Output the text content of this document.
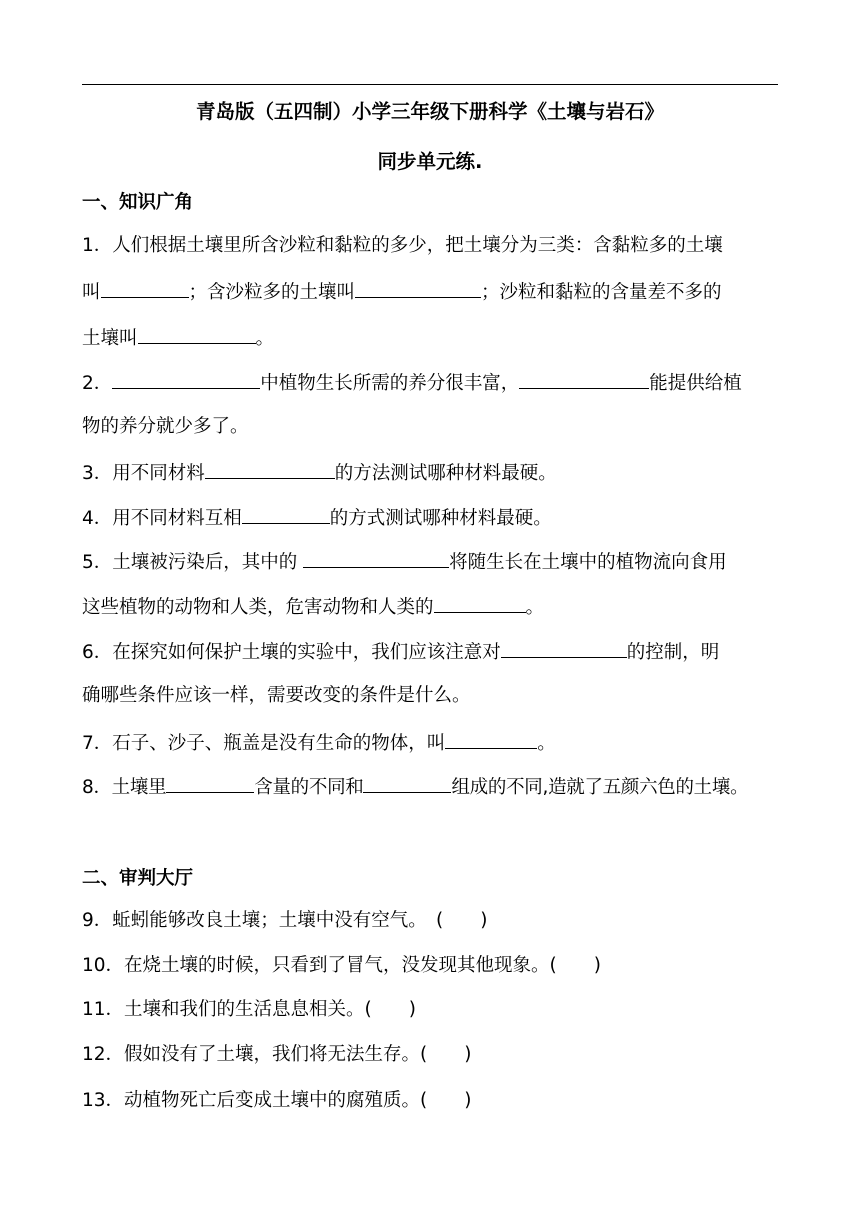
青岛版（五四制）小学三年级下册科学《土壤与岩石》
同步单元练.
一、知识广角
1．人们根据土壤里所含沙粒和黏粒的多少，把土壤分为三类：含黏粒多的土壤
叫	；含沙粒多的土壤叫	；沙粒和黏粒的含量差不多的
土壤叫	。
2．	中植物生长所需的养分很丰富，	能提供给植
物的养分就少多了。
3．用不同材料	的方法测试哪种材料最硬。
4．用不同材料互相	的方式测试哪种材料最硬。
5．土壤被污染后，其中的	将随生长在土壤中的植物流向食用
这些植物的动物和人类，危害动物和人类的	。
6．在探究如何保护土壤的实验中，我们应该注意对	的控制，明
确哪些条件应该一样，需要改变的条件是什么。
7．石子、沙子、瓶盖是没有生命的物体，叫	。
8．土壤里	含量的不同和	组成的不同,造就了五颜六色的土壤。
二、审判大厅
9．蚯蚓能够改良土壤；土壤中没有空气。　(　　)
10．在烧土壤的时候，只看到了冒气，没发现其他现象。(　　)
11．土壤和我们的生活息息相关。(　　)
12．假如没有了土壤，我们将无法生存。(　　)
13．动植物死亡后变成土壤中的腐殖质。(　　)
